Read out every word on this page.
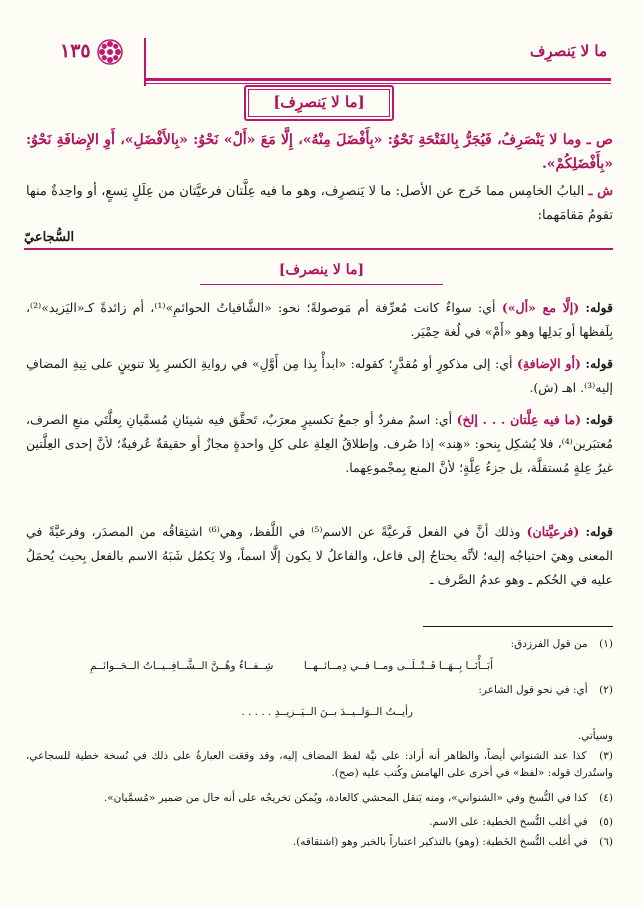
ما لا يَنصرِف
١٣٥
[ما لا يَنصرِف]
ص ـ وما لا يَنْصَرِفُ، فَيُجَرُّ بِالفَتْحَةِ نَحْوُ: «بِأَفْضَلَ مِنْهُ»، إِلَّا مَعَ «أَلْ» نَحْوُ: «بِالأَفْضَلِ»، أَوِ الإِضافَةِ نَحْوُ: «بِأَفْضَلِكُمْ».
ش ـ البابُ الخامِس مما خَرج عن الأصل: ما لا يَنصرِف، وهو ما فيه عِلَّتان فرعيَّتان من عِلَلٍ تِسعٍ، أو واحِدةٌ منها تقومُ مَقامَهما:
السُّجاعيّ
[ما لا ينصرف]
قوله: (إلَّا مع «أل») أي: سواءٌ كانت مُعرِّفة أم مَوصولةً؛ نحو: «الشَّافياتُ الحوائمِ»⁽¹⁾، أم زائدةً كـ«اليَزيد»⁽²⁾، بِلَفظها أو بَدلِها وهو «أَمْ» في لُغة حِمْيَر.
قوله: (أو الإضافةِ) أي: إلى مذكورٍ أو مُقدَّرٍ؛ كقوله: «ابدأْ بِذا مِن أَوَّلِ» في روايةِ الكسرِ بِلا تنوينٍ على نِيةِ المضافِ إليه⁽³⁾. اهـ (ش).
قوله: (ما فيه عِلَّتان . . . إلخ) أي: اسمٌ مفردٌ أو جمعُ تكسيرٍ معرَبٌ، تَحقَّق فيه شيئانِ مُسمَّيانِ بِعلَّتَي منعِ الصرف، مُعتبَرين⁽⁴⁾، فلا يُشكِل بِنحو: «هِند» إذا صُرف. وإطلاقُ العِلةِ على كلِ واحدةٍ مجازٌ أو حقيقةٌ عُرفيةٌ؛ لأنَّ إحدى العِلَّتين غيرُ عِلةٍ مُستقلَّة، بل جزءُ عِلَّةٍ؛ لأنَّ المنع بِمجْموعِهما.
قوله: (فرعيَّتان) وذلك أنَّ في الفعل فَرعيَّةً عن الاسم⁽⁵⁾ في اللَّفظ، وهي⁽⁶⁾ اشتِقاقُه من المصدَر، وفرعيَّةً في المعنى وهيَ احتياجُه إليه؛ لأنَّه يحتاجُ إلى فاعل، والفاعلُ لا يكون إلَّا اسماً، ولا يَكمُل شَبَهُ الاسم بالفعل بِحيث يُحمَلُ عليه في الحُكم ـ وهو عدمُ الصَّرف ـ
(١) من قول الفرزدق:
أَبَــأْنَــا بِــهَــا قَــتْــلَــى ومــا فــي دِمــائــهــا
شِــفــاءٌ وهُــنَّ الــشَّــافِــيــاتُ الــحَــوائــمِ
(٢) أي: في نحو قول الشاعر:
رأيــتُ الــوَلــيــدَ بــنَ الــيَــزيــدِ . . . . .
وسيأتي.
(٣) كذا عند الشنواني أيضاً، والظاهر أنه أراد: على نيَّة لفظ المضاف إليه، وقد وقعَت العبارةُ على ذلك في نُسخة خطية للسجاعي، واستُدرك قوله: «لفظ» في أخرى على الهامش وكُتب عليه (صح).
(٤) كذا في النُّسخ وفي «الشنواني»، ومنه يَنقل المحشي كالعادة، ويُمكن تخريجُه على أنه حال من ضمير «مُسمَّيان».
(٥) في أغلب النُّسخ الخطية: على الاسم.
(٦) في أغلب النُّسخ الخَطية: (وهو) بالتذكير اعتباراً بالخبر وهو (اشتقاقه).
